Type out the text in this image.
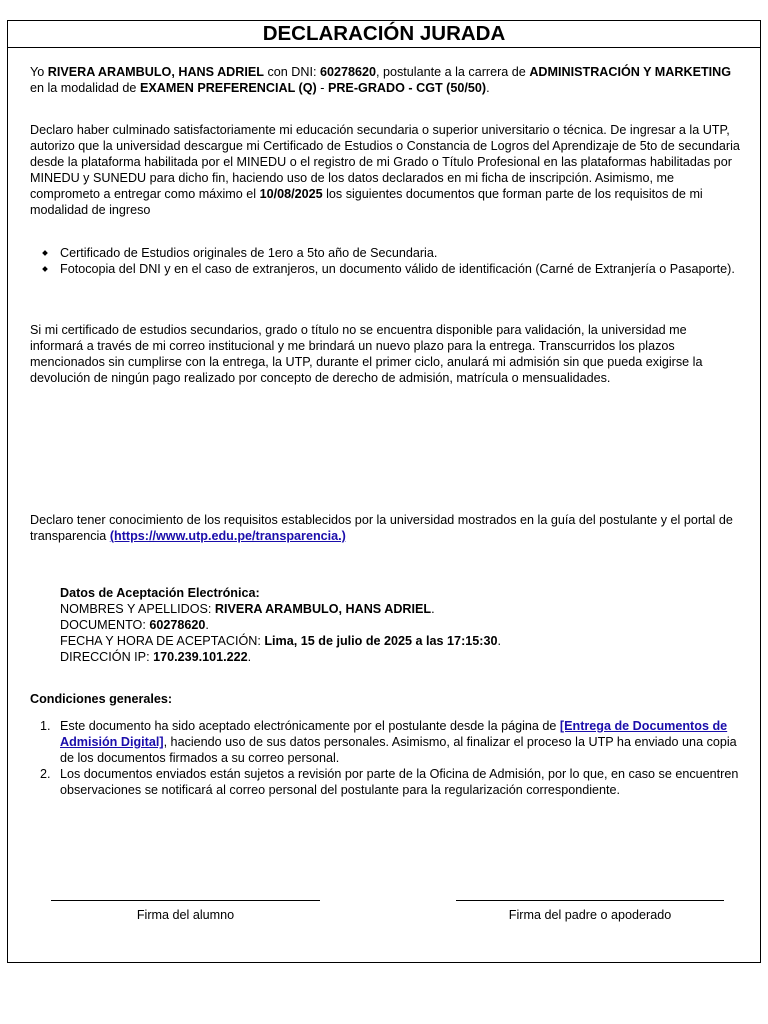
DECLARACIÓN JURADA

Yo RIVERA ARAMBULO, HANS ADRIEL con DNI: 60278620, postulante a la carrera de ADMINISTRACIÓN Y MARKETING en la modalidad de EXAMEN PREFERENCIAL (Q) - PRE-GRADO - CGT (50/50).

Declaro haber culminado satisfactoriamente mi educación secundaria o superior universitario o técnica. De ingresar a la UTP, autorizo que la universidad descargue mi Certificado de Estudios o Constancia de Logros del Aprendizaje de 5to de secundaria desde la plataforma habilitada por el MINEDU o el registro de mi Grado o Título Profesional en las plataformas habilitadas por MINEDU y SUNEDU para dicho fin, haciendo uso de los datos declarados en mi ficha de inscripción. Asimismo, me comprometo a entregar como máximo el 10/08/2025 los siguientes documentos que forman parte de los requisitos de mi modalidad de ingreso

Certificado de Estudios originales de 1ero a 5to año de Secundaria.
Fotocopia del DNI y en el caso de extranjeros, un documento válido de identificación (Carné de Extranjería o Pasaporte).

Si mi certificado de estudios secundarios, grado o título no se encuentra disponible para validación, la universidad me informará a través de mi correo institucional y me brindará un nuevo plazo para la entrega. Transcurridos los plazos mencionados sin cumplirse con la entrega, la UTP, durante el primer ciclo, anulará mi admisión sin que pueda exigirse la devolución de ningún pago realizado por concepto de derecho de admisión, matrícula o mensualidades.

Declaro tener conocimiento de los requisitos establecidos por la universidad mostrados en la guía del postulante y el portal de transparencia (https://www.utp.edu.pe/transparencia.)

Datos de Aceptación Electrónica:
NOMBRES Y APELLIDOS: RIVERA ARAMBULO, HANS ADRIEL.
DOCUMENTO: 60278620.
FECHA Y HORA DE ACEPTACIÓN: Lima, 15 de julio de 2025 a las 17:15:30.
DIRECCIÓN IP: 170.239.101.222.
Condiciones generales:
1. Este documento ha sido aceptado electrónicamente por el postulante desde la página de [Entrega de Documentos de Admisión Digital], haciendo uso de sus datos personales. Asimismo, al finalizar el proceso la UTP ha enviado una copia de los documentos firmados a su correo personal.
2. Los documentos enviados están sujetos a revisión por parte de la Oficina de Admisión, por lo que, en caso se encuentren observaciones se notificará al correo personal del postulante para la regularización correspondiente.
Firma del alumno	Firma del padre o apoderado
